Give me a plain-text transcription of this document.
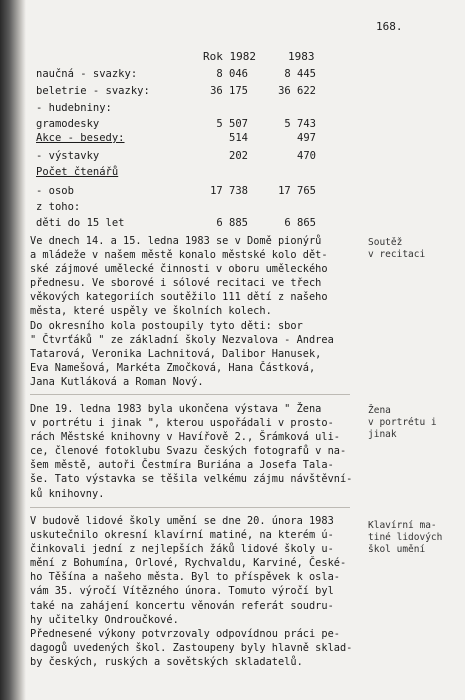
168.
Rok 1982	1983
naučná - svazky:	8 046	8 445
beletrie - svazky:	36 175	36 622
- hudebniny:
gramodesky	5 507	5 743
Akce - besedy:	514	497
- výstavky	202	470
Počet čtenářů
- osob	17 738	17 765
z toho:
děti do 15 let	6 885	6 865

Ve dnech 14. a 15. ledna 1983 se v Domě pionýrů

a mládeže v našem městě konalo městské kolo dět-

ské zájmové umělecké činnosti v oboru uměleckého

přednesu. Ve sborové i sólové recitaci ve třech

věkových kategoriích soutěžilo 111 dětí z našeho

města, které uspěly ve školních kolech.

Do okresního kola postoupily tyto děti: sbor

" Čtvrťáků " ze základní školy Nezvalova - Andrea

Tatarová, Veronika Lachnitová, Dalibor Hanusek,

Eva Namešová, Markéta Zmočková, Hana Částková,

Jana Kutláková a Roman Nový.

Soutěž

v recitaci

Dne 19. ledna 1983 byla ukončena výstava " Žena

v portrétu i jinak ", kterou uspořádali v prosto-

rách Městské knihovny v Havířově 2., Šrámková uli-

ce, členové fotoklubu Svazu českých fotografů v na-

šem městě, autoři Čestmíra Buriána a Josefa Tala-

še. Tato výstavka se těšila velkému zájmu návštěvní-

ků knihovny.

Žena

v portrétu i

jinak

V budově lidové školy umění se dne 20. února 1983

uskutečnilo okresní klavírní matiné, na kterém ú-

činkovali jední z nejlepších žáků lidové školy u-

mění z Bohumína, Orlové, Rychvaldu, Karviné, České-

ho Těšína a našeho města. Byl to příspěvek k osla-

vám 35. výročí Vítězného února. Tomuto výročí byl

také na zahájení koncertu věnován referát soudru-

hy učitelky Ondroučkové.

Přednesené výkony potvrzovaly odpovídnou práci pe-

dagogů uvedených škol. Zastoupeny byly hlavně sklad-

by českých, ruských a sovětských skladatelů.

Klavírní ma-

tiné lidových

škol umění
